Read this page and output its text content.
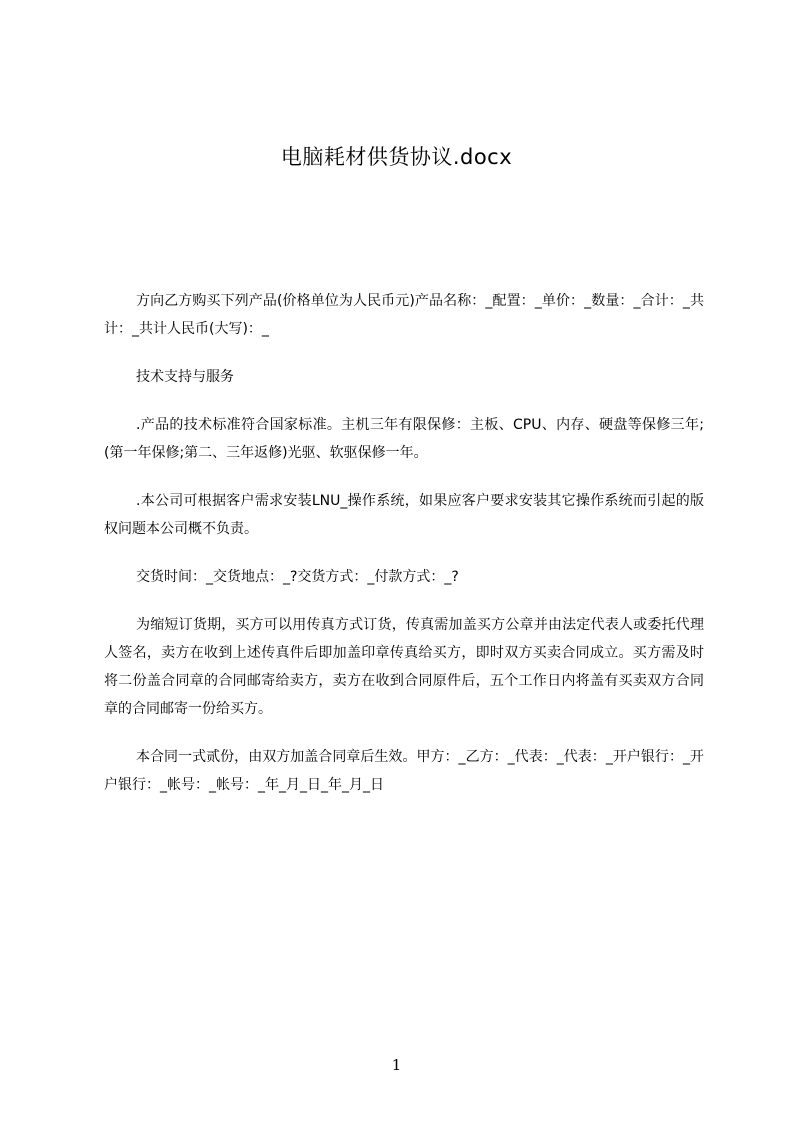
电脑耗材供货协议.docx

方向乙方购买下列产品(价格单位为人民币元)产品名称：_配置：_单价：_数量：_合计：_共计：_共计人民币(大写)：_

技术支持与服务

.产品的技术标准符合国家标准。主机三年有限保修：主板、CPU、内存、硬盘等保修三年;(第一年保修;第二、三年返修)光驱、软驱保修一年。

.本公司可根据客户需求安装LNU_操作系统，如果应客户要求安装其它操作系统而引起的版权问题本公司概不负责。

交货时间：_交货地点：_?交货方式：_付款方式：_?

为缩短订货期，买方可以用传真方式订货，传真需加盖买方公章并由法定代表人或委托代理人签名，卖方在收到上述传真件后即加盖印章传真给买方，即时双方买卖合同成立。买方需及时将二份盖合同章的合同邮寄给卖方，卖方在收到合同原件后，五个工作日内将盖有买卖双方合同章的合同邮寄一份给买方。

本合同一式贰份，由双方加盖合同章后生效。甲方：_乙方：_代表：_代表：_开户银行：_开户银行：_帐号：_帐号：_年_月_日_年_月_日

1
